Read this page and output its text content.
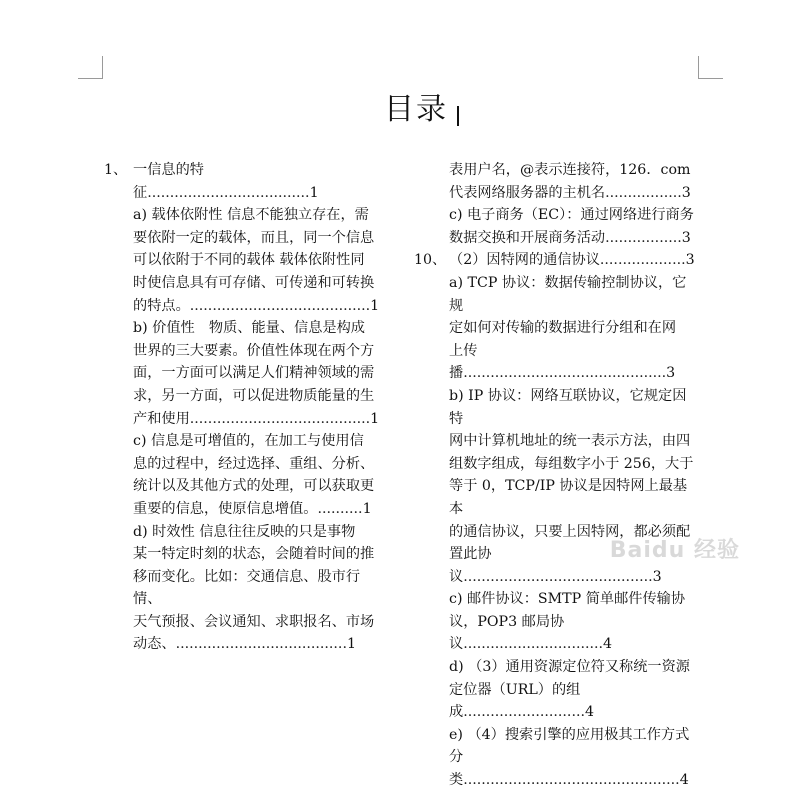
目录
1、 一信息的特征....................................1
a) 载体依附性 信息不能独立存在，需
要依附一定的载体，而且，同一个信息
可以依附于不同的载体 载体依附性同
时使信息具有可存储、可传递和可转换
的特点。........................................1
b) 价值性　物质、能量、信息是构成
世界的三大要素。价值性体现在两个方
面，一方面可以满足人们精神领域的需
求，另一方面，可以促进物质能量的生
产和使用........................................1
c) 信息是可增值的，在加工与使用信
息的过程中，经过选择、重组、分析、
统计以及其他方式的处理，可以获取更
重要的信息，使原信息增值。..........1
d) 时效性 信息往往反映的只是事物
某一特定时刻的状态，会随着时间的推
移而变化。比如：交通信息、股市行情、
天气预报、会议通知、求职报名、市场
动态、......................................1
表用户名，@表示连接符，126．com
代表网络服务器的主机名.................3
c) 电子商务（EC）：通过网络进行商务
数据交换和开展商务活动.................3
10、 （2）因特网的通信协议...................3
a) TCP 协议：数据传输控制协议，它规
定如何对传输的数据进行分组和在网
上传播.............................................3
b) IP 协议：网络互联协议，它规定因特
网中计算机地址的统一表示方法，由四
组数字组成，每组数字小于 256，大于
等于 0，TCP/IP 协议是因特网上最基本
的通信协议，只要上因特网，都必须配
置此协议..........................................3
c) 邮件协议：SMTP 简单邮件传输协
议，POP3 邮局协议...............................4
d) （3）通用资源定位符又称统一资源
定位器（URL）的组成...........................4
e) （4）搜索引擎的应用极其工作方式
分类................................................4
Baidu 经验
